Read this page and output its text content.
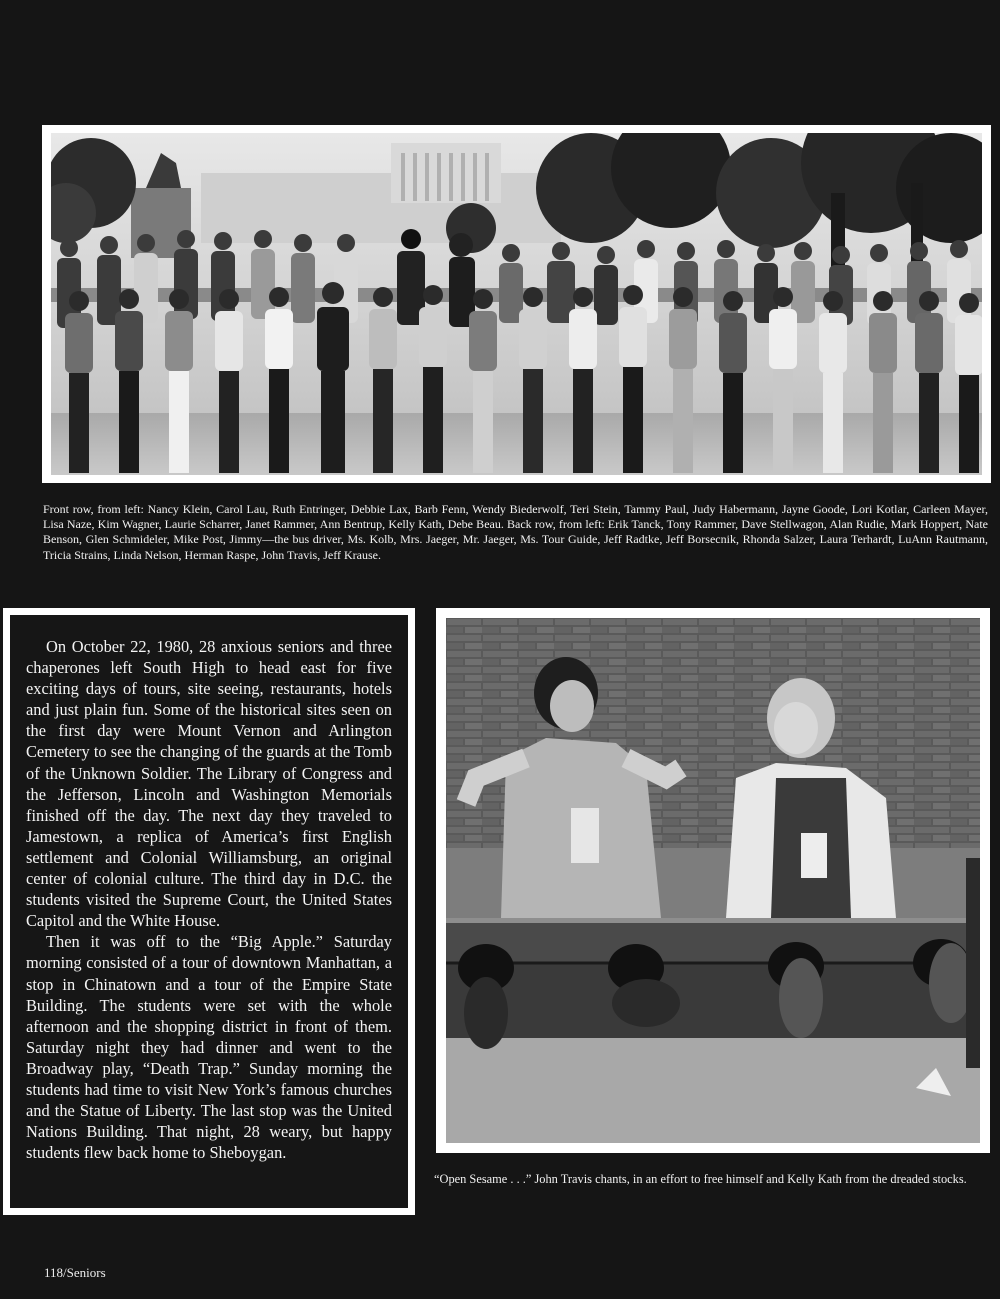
Front row, from left: Nancy Klein, Carol Lau, Ruth Entringer, Debbie Lax, Barb Fenn, Wendy Biederwolf, Teri Stein, Tammy Paul, Judy Habermann, Jayne Goode, Lori Kotlar, Carleen Mayer, Lisa Naze, Kim Wagner, Laurie Scharrer, Janet Rammer, Ann Bentrup, Kelly Kath, Debe Beau. Back row, from left: Erik Tanck, Tony Rammer, Dave Stellwagon, Alan Rudie, Mark Hoppert, Nate Benson, Glen Schmideler, Mike Post, Jimmy—the bus driver, Ms. Kolb, Mrs. Jaeger, Mr. Jaeger, Ms. Tour Guide, Jeff Radtke, Jeff Borsecnik, Rhonda Salzer, Laura Terhardt, LuAnn Rautmann, Tricia Strains, Linda Nelson, Herman Raspe, John Travis, Jeff Krause.

On October 22, 1980, 28 anxious seniors and three chaperones left South High to head east for five exciting days of tours, site seeing, restaurants, hotels and just plain fun. Some of the historical sites seen on the first day were Mount Vernon and Arlington Cemetery to see the changing of the guards at the Tomb of the Unknown Soldier. The Library of Congress and the Jefferson, Lincoln and Washington Memorials finished off the day. The next day they traveled to Jamestown, a replica of America’s first English settlement and Colonial Williamsburg, an original center of colonial culture. The third day in D.C. the students visited the Supreme Court, the United States Capitol and the White House.

Then it was off to the “Big Apple.” Saturday morning consisted of a tour of downtown Manhattan, a stop in Chinatown and a tour of the Empire State Building. The students were set with the whole afternoon and the shopping district in front of them. Saturday night they had dinner and went to the Broadway play, “Death Trap.” Sunday morning the students had time to visit New York’s famous churches and the Statue of Liberty. The last stop was the United Nations Building. That night, 28 weary, but happy students flew back home to Sheboygan.

“Open Sesame . . .” John Travis chants, in an effort to free himself and Kelly Kath from the dreaded stocks.
118/Seniors
